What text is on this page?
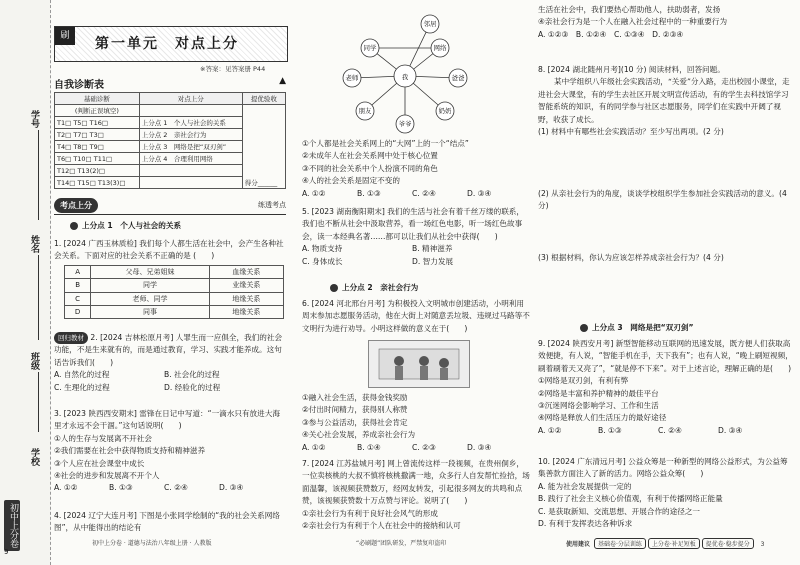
学号
姓名
班级
学校
初中上分卷
9
刷	第一单元　对点上分
※答案：见答案册 P44
自我诊断表	▲
基础诊断	对点上分	提优验收
(判断正误填空)		得分______
T1□ T5□ T16□	上分点 1　个人与社会的关系	
T2□ T7□ T3□	上分点 2　亲社会行为	
T4□ T8□ T9□	上分点 3　网络是把“双刃剑”	
T6□ T10□ T11□	上分点 4　合理利用网络	
T12□ T13(2)□		
T14□ T15□ T13(3)□		
考点上分	练透考点
上分点 1　个人与社会的关系
1. [2024 广西玉林质检] 我们每个人都生活在社会中，会产生各种社会关系。下面对应的社会关系不正确的是 (　　)
A	父母、兄弟姐妹	血缘关系
B	同学	业缘关系
C	老师、同学	地缘关系
D	同事	地缘关系
回归教材 2. [2024 吉林松原月考] 人罪生而一应俱全，我们的社会功能，不是生来就有的，而是通过教育，学习、实践才能养成。这句话告诉我们(　　)
A. 自然化的过程	B. 社会化的过程
C. 生理化的过程	D. 经验化的过程
3. [2023 陕西西安期末] 雷锋在日记中写道：“一滴水只有放进大海里才永远不会干涸。”这句话说明(　　)
①人的生存与发展离不开社会
②我们需要在社会中获得物质支持和精神滋养
③个人应在社会课堂中成长
④社会的进步和发展离不开个人
A. ①②	B. ①③	C. ②④	D. ③④
4. [2024 辽宁大连月考] 下图是小张同学绘制的“我的社会关系网络图”，从中能得出的结论有
初中上分卷 · 道德与法治八年级上册 · 人教版
我
同学	网络
老师	爸爸
奶奶
朋友
邻居
爷爷
①个人都是社会关系网上的“大网”上的一个“结点”
②未成年人在社会关系网中处于核心位置
③不同的社会关系中个人扮演不同的角色
④人的社会关系是固定不变的
A. ①②	B. ①③	C. ②④	D. ③④
5. [2023 湖南衡阳期末] 我们的生活与社会有着千丝万缕的联系，我们也不断从社会中汲取营养，看一场红色电影，听一场红色故事会，读一本经典名著……都可以让我们从社会中获得(　　)
A. 物质支持	B. 精神滋养
C. 身体成长	D. 智力发展
上分点 2　亲社会行为
6. [2024 河北邢台月考] 为积极投入文明城市创建活动，小明利用周末参加志愿服务活动，他在大街上对随意丢垃圾、违规过马路等不文明行为进行劝导。小明这样做的意义在于(　　)
①融入社会生活，获得金钱奖励
②付出时间精力，获得别人称赞
③参与公益活动，获得社会肯定
④关心社会发展，养成亲社会行为
A. ①②	B. ①④	C. ②③	D. ③④
7. [2024 江苏盐城月考] 网上曾流传这样一段视频，在贵州侗乡，一位卖核桃的大叔不慎将核桃撒满一地，众多行人自发帮忙捡拾，场面温馨，该视频获赞数万，经网友转发，引起很多网友的共鸣和点赞，该视频获赞数十万点赞与评论。说明了(　　)
①亲社会行为有利于良好社会风气的形成
②亲社会行为有利于个人在社会中的接纳和认可
“必刷题”团队研发，严禁复印盗印
生活在社会中，我们要热心帮助他人，扶助弱者，发扬
④亲社会行为是一个人在融入社会过程中的一种重要行为
A. ①②③　B. ①②④　C. ①③④　D. ②③④
8. [2024 湖北随州月考](10 分) 阅读材料，回答问题。

某中学组织八年级社会实践活动，“关爱”分入路，走出校园小课堂，走进社会大课堂，有的学生去社区开展文明宣传活动，有的学生去科技馆学习智能系统的知识，有的同学参与社区志愿服务，同学们在实践中开阔了视野，收获了成长。
(1) 材料中有哪些社会实践活动？至少写出两项。(2 分)
(2) 从亲社会行为的角度，谈谈学校组织学生参加社会实践活动的意义。(4 分)
(3) 根据材料，你认为应该怎样养成亲社会行为？(4 分)
上分点 3　网络是把“双刃剑”
9. [2024 陕西安月考] 新型智能移动互联网的迅速发展，既方便人们获取高效便捷，有人说，“智能手机在手，天下我有”；也有人说，“晚上刷短视频，刷着刷着天又亮了”，“就是停不下来”。对于上述言论，理解正确的是(　　)
①网络是双刃剑，有利有弊
②网络是丰富和养护精神的最佳平台
③沉迷网络会影响学习、工作和生活
④网络是释放人们生活压力的最好途径
A. ①②	B. ①③	C. ②④	D. ③④
10. [2024 广东清远月考] 公益众筹是一种新型的网络公益形式，为公益筹集善款方面注入了新的活力。网络公益众筹(　　)
A. 能为社会发展提供一定的
B. 践行了社会主义核心价值观，有利于传播网络正能量
C. 是获取新知、交流思想、开展合作的途径之一
D. 有利于发挥表达各种诉求
使用建议 基础卷·分层训练 上分卷·补足短板 提优卷·稳步提分 3
